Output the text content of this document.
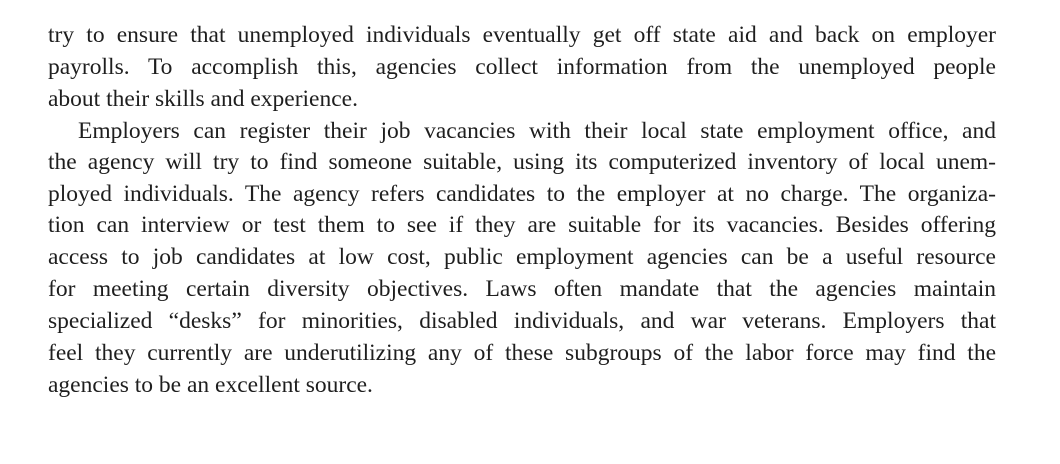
try to ensure that unemployed individuals eventually get off state aid and back on employer

payrolls. To accomplish this, agencies collect information from the unemployed people

about their skills and experience.

Employers can register their job vacancies with their local state employment office, and

the agency will try to find someone suitable, using its computerized inventory of local unem-

ployed individuals. The agency refers candidates to the employer at no charge. The organiza-

tion can interview or test them to see if they are suitable for its vacancies. Besides offering

access to job candidates at low cost, public employment agencies can be a useful resource

for meeting certain diversity objectives. Laws often mandate that the agencies maintain

specialized “desks” for minorities, disabled individuals, and war veterans. Employers that

feel they currently are underutilizing any of these subgroups of the labor force may find the

agencies to be an excellent source.
